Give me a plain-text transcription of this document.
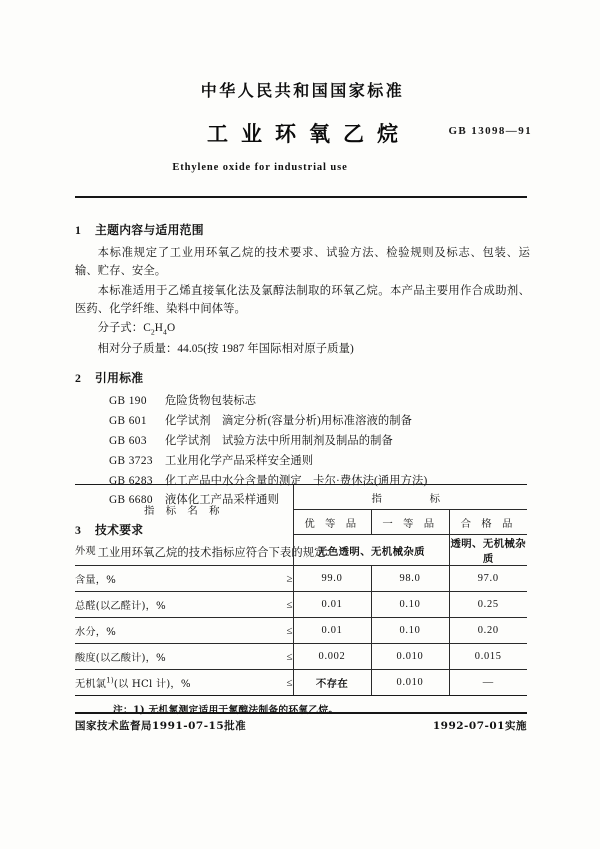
中华人民共和国国家标准
工业环氧乙烷	GB 13098—91
Ethylene oxide for industrial use
1 主题内容与适用范围

本标准规定了工业用环氧乙烷的技术要求、试验方法、检验规则及标志、包装、运输、贮存、安全。

本标准适用于乙烯直接氧化法及氯醇法制取的环氧乙烷。本产品主要用作合成助剂、医药、化学纤维、染料中间体等。

分子式：$C_2H_4O$

相对分子质量：44.05(按 1987 年国际相对原子质量)

2 引用标准
GB 190 危险货物包装标志
GB 601 化学试剂　滴定分析(容量分析)用标准溶液的制备
GB 603 化学试剂　试验方法中所用制剂及制品的制备
GB 3723 工业用化学产品采样安全通则
GB 6283 化工产品中水分含量的测定　卡尔·费休法(通用方法)
GB 6680 液体化工产品采样通则
3 技术要求

工业用环氧乙烷的技术指标应符合下表的规定：

指 标 名 称		指　　标		
		优 等 品	一 等 品	合 格 品
外观		无色透明、无机械杂质		透明、无机械杂质
含量，%	≥	99.0	98.0	97.0
总醛(以乙醛计)，%	≤	0.01	0.10	0.25
水分，%	≤	0.01	0.10	0.20
酸度(以乙酸计)，%	≤	0.002	0.010	0.015
无机氯$^{1)}$(以 HCl 计)，%	≤	不存在	0.010	—
注：1) 无机氯测定适用于氯醇法制备的环氧乙烷。
国家技术监督局1991-07-15批准	1992-07-01实施
